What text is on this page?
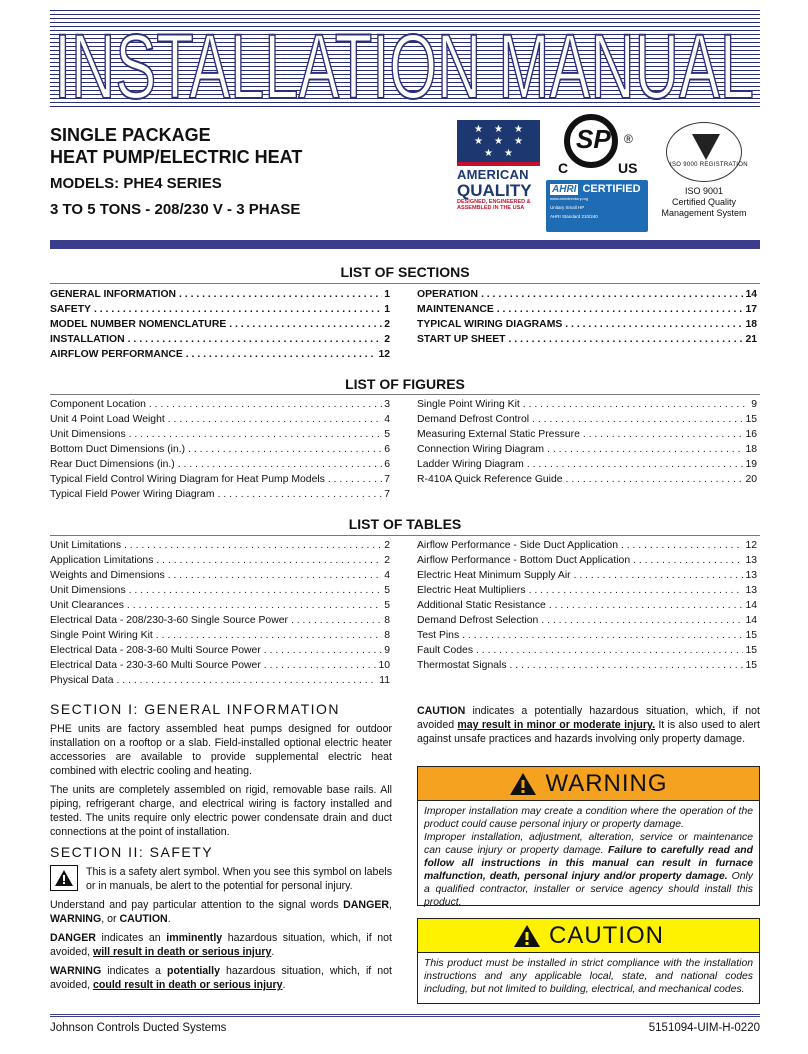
INSTALLATION MANUAL
SINGLE PACKAGE
HEAT PUMP/ELECTRIC HEAT
MODELS: PHE4 SERIES
3 TO 5 TONS - 208/230 V - 3 PHASE
★ ★ ★
★ ★ ★
★ ★
AMERICAN
QUALITY
DESIGNED, ENGINEERED &
ASSEMBLED IN THE USA
SP
C	US
®
AHRI CERTIFIED
www.ahridirectory.org
Unitary Small HP
AHRI Standard 210/240
ISO 9000 REGISTRATION
ISO 9001
Certified Quality
Management System
LIST OF SECTIONS
GENERAL INFORMATION . . .	1
SAFETY . . .	1
MODEL NUMBER NOMENCLATURE . . .	2
INSTALLATION . . .	2
AIRFLOW PERFORMANCE . . .	12
OPERATION . . .	14
MAINTENANCE . . .	17
TYPICAL WIRING DIAGRAMS . . .	18
START UP SHEET . . .	21
LIST OF FIGURES
Component Location . . .	3
Unit 4 Point Load Weight . . .	4
Unit Dimensions . . .	5
Bottom Duct Dimensions (in.) . . .	6
Rear Duct Dimensions (in.) . . .	6
Typical Field Control Wiring Diagram for Heat Pump Models . . .	7
Typical Field Power Wiring Diagram . . .	7
Single Point Wiring Kit . . .	9
Demand Defrost Control . . .	15
Measuring External Static Pressure . . .	16
Connection Wiring Diagram . . .	18
Ladder Wiring Diagram . . .	19
R-410A Quick Reference Guide . . .	20
LIST OF TABLES
Unit Limitations . . .	2
Application Limitations . . .	2
Weights and Dimensions . . .	4
Unit Dimensions . . .	5
Unit Clearances . . .	5
Electrical Data - 208/230-3-60 Single Source Power . . .	8
Single Point Wiring Kit . . .	8
Electrical Data - 208-3-60 Multi Source Power . . .	9
Electrical Data - 230-3-60 Multi Source Power . . .	10
Physical Data . . .	11
Airflow Performance - Side Duct Application . . .	12
Airflow Performance - Bottom Duct Application . . .	13
Electric Heat Minimum Supply Air . . .	13
Electric Heat Multipliers . . .	13
Additional Static Resistance . . .	14
Demand Defrost Selection . . .	14
Test Pins . . .	15
Fault Codes . . .	15
Thermostat Signals . . .	15
SECTION I: GENERAL INFORMATION

PHE units are factory assembled heat pumps designed for outdoor installation on a rooftop or a slab. Field-installed optional electric heater accessories are available to provide supplemental electric heat combined with electric cooling and heating.

The units are completely assembled on rigid, removable base rails. All piping, refrigerant charge, and electrical wiring is factory installed and tested. The units require only electric power condensate drain and duct connections at the point of installation.

SECTION II: SAFETY
This is a safety alert symbol. When you see this symbol on labels or in manuals, be alert to the potential for personal injury.

Understand and pay particular attention to the signal words DANGER, WARNING, or CAUTION.

DANGER indicates an imminently hazardous situation, which, if not avoided, will result in death or serious injury.

WARNING indicates a potentially hazardous situation, which, if not avoided, could result in death or serious injury.

CAUTION indicates a potentially hazardous situation, which, if not avoided may result in minor or moderate injury. It is also used to alert against unsafe practices and hazards involving only property damage.

WARNING
Improper installation may create a condition where the operation of the product could cause personal injury or property damage.
Improper installation, adjustment, alteration, service or maintenance can cause injury or property damage. Failure to carefully read and follow all instructions in this manual can result in furnace malfunction, death, personal injury and/or property damage. Only a qualified contractor, installer or service agency should install this product.
CAUTION
This product must be installed in strict compliance with the installation instructions and any applicable local, state, and national codes including, but not limited to building, electrical, and mechanical codes.
Johnson Controls Ducted Systems	5151094-UIM-H-0220
